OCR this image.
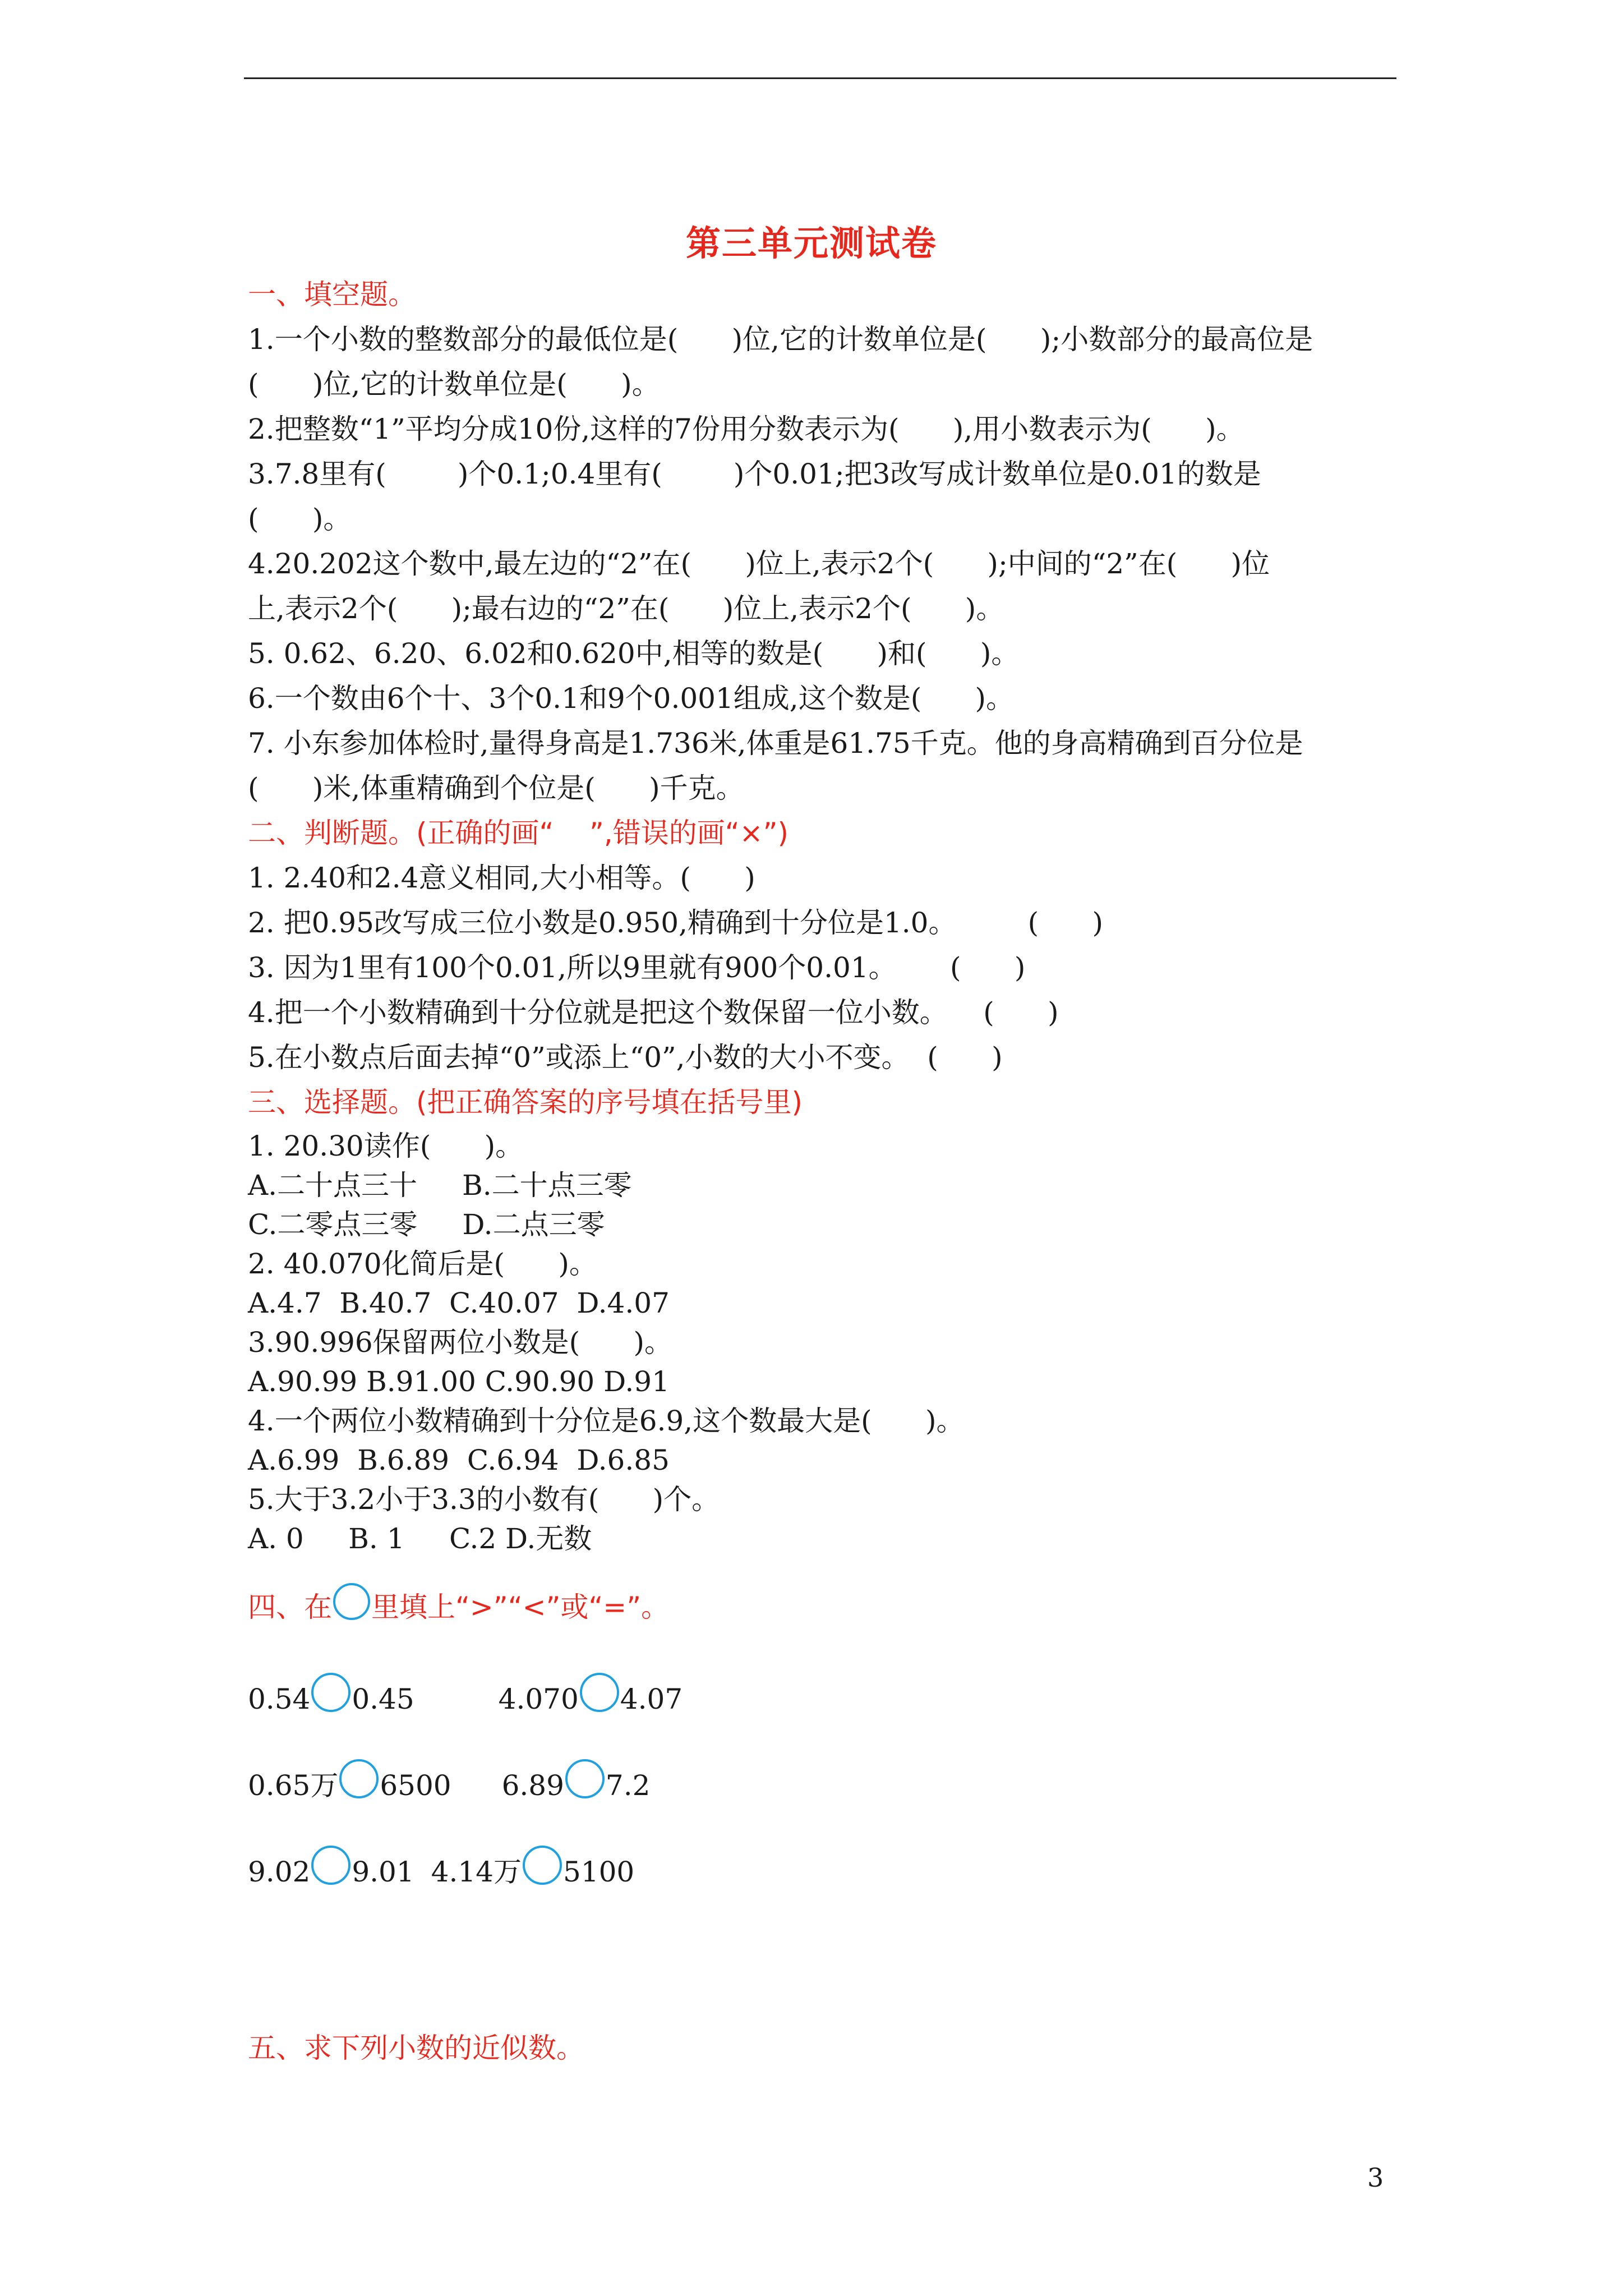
第三单元测试卷
一、填空题。
1.一个小数的整数部分的最低位是(      )位,它的计数单位是(      );小数部分的最高位是
(      )位,它的计数单位是(      )。
2.把整数“1”平均分成10份,这样的7份用分数表示为(      ),用小数表示为(      )。
3.7.8里有(        )个0.1;0.4里有(        )个0.01;把3改写成计数单位是0.01的数是
(      )。
4.20.202这个数中,最左边的“2”在(      )位上,表示2个(      );中间的“2”在(      )位
上,表示2个(      );最右边的“2”在(      )位上,表示2个(      )。
5. 0.62、6.20、6.02和0.620中,相等的数是(      )和(      )。
6.一个数由6个十、3个0.1和9个0.001组成,这个数是(      )。
7. 小东参加体检时,量得身高是1.736米,体重是61.75千克。他的身高精确到百分位是
(      )米,体重精确到个位是(      )千克。
二、判断题。(正确的画“    ”,错误的画“×”)
1. 2.40和2.4意义相同,大小相等。(      )
2. 把0.95改写成三位小数是0.950,精确到十分位是1.0。        (      )
3. 因为1里有100个0.01,所以9里就有900个0.01。      (      )
4.把一个小数精确到十分位就是把这个数保留一位小数。    (      )
5.在小数点后面去掉“0”或添上“0”,小数的大小不变。  (      )
三、选择题。(把正确答案的序号填在括号里)
1. 20.30读作(      )。
A.二十点三十 B.二十点三零
C.二零点三零 D.二点三零
2. 40.070化简后是(      )。
A.4.7  B.40.7  C.40.07  D.4.07
3.90.996保留两位小数是(      )。
A.90.99 B.91.00 C.90.90 D.91
4.一个两位小数精确到十分位是6.9,这个数最大是(      )。
A.6.99  B.6.89  C.6.94  D.6.85
5.大于3.2小于3.3的小数有(      )个。
A. 0     B. 1     C.2 D.无数
四、在 里填上“>”“<”或“=”。
0.54 0.45	4.070 4.07
0.65万 6500 6.89 7.2
9.02 9.01 4.14万 5100
五、求下列小数的近似数。
3
